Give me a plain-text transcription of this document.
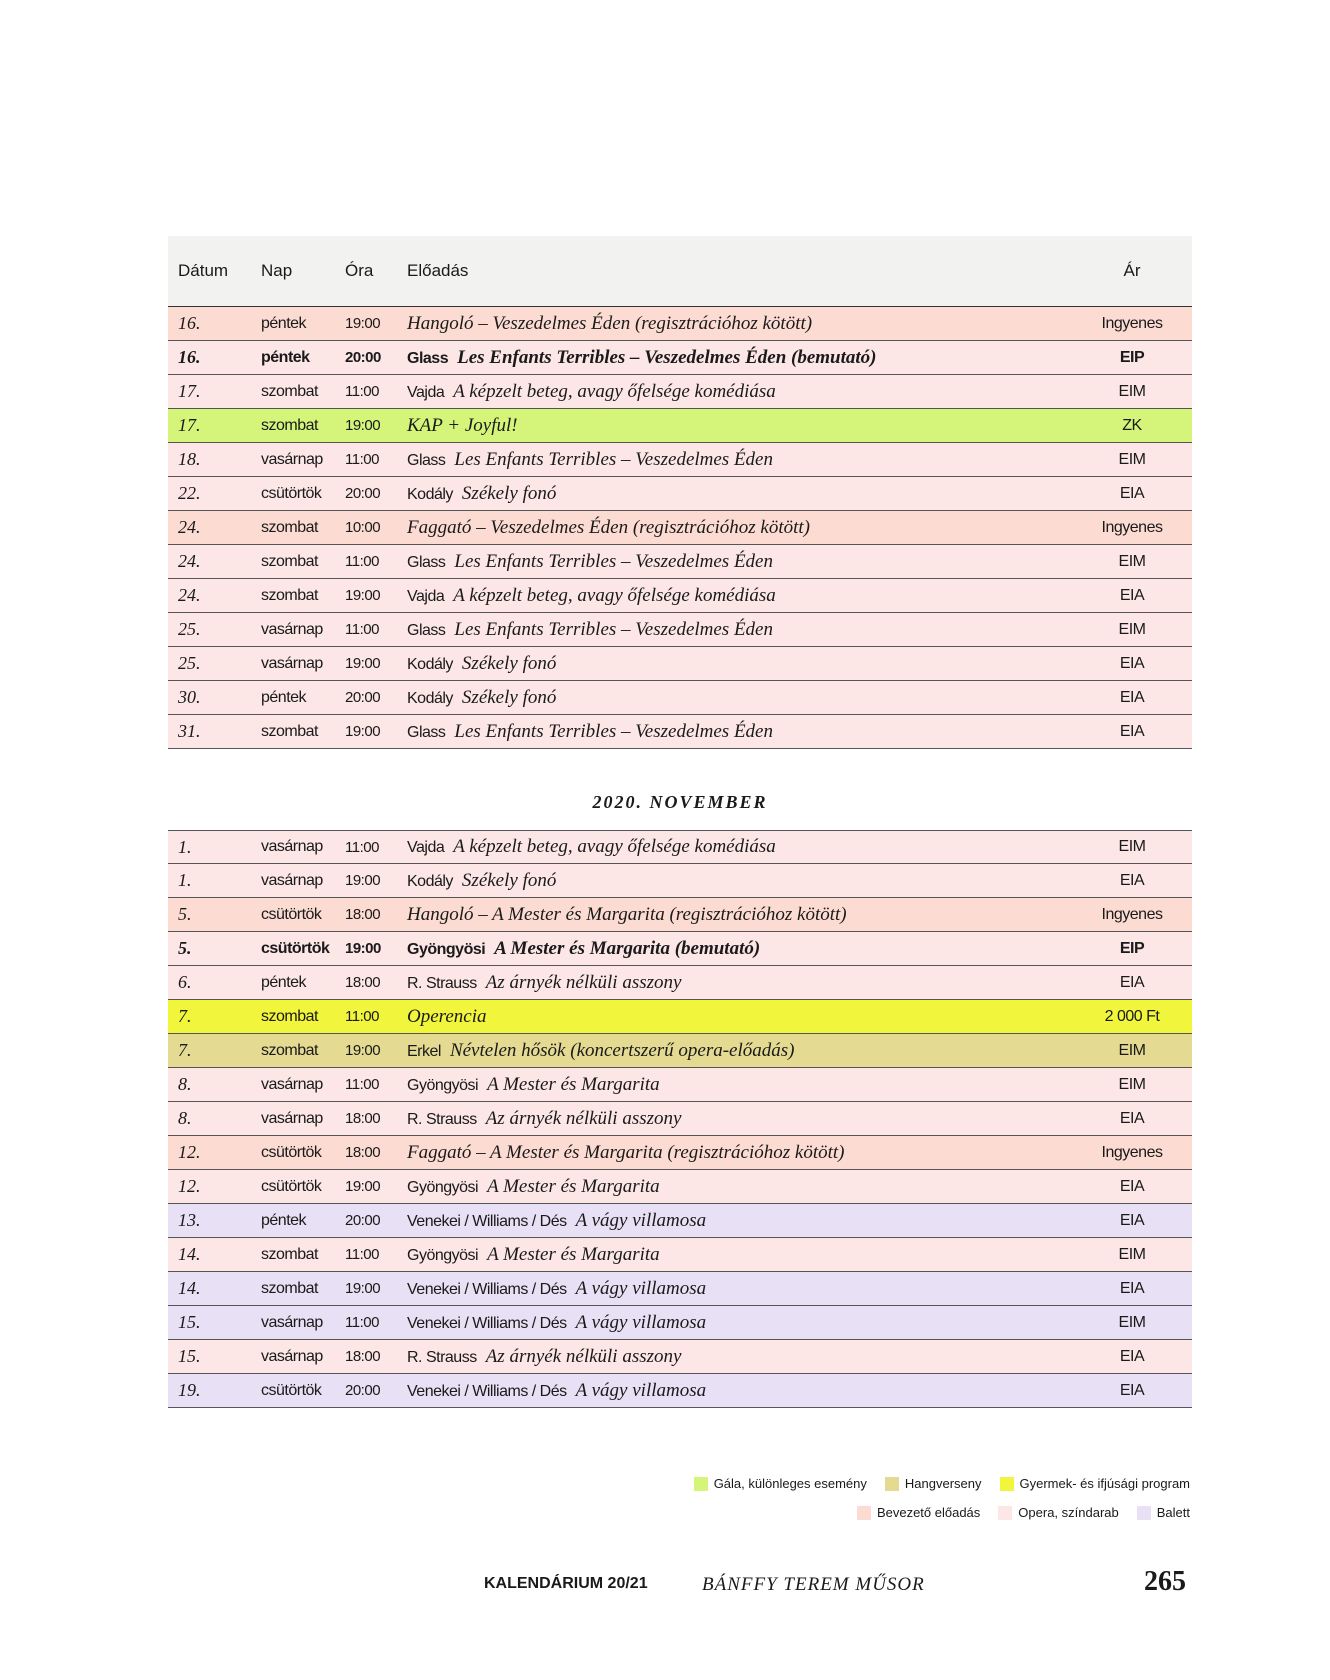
Dátum	Nap	Óra	Előadás	Ár
16.	péntek	19:00	Hangoló – Veszedelmes Éden (regisztrációhoz kötött)	Ingyenes
16.	péntek	20:00	Glass Les Enfants Terribles – Veszedelmes Éden (bemutató)	EIP
17.	szombat	11:00	Vajda A képzelt beteg, avagy őfelsége komédiása	EIM
17.	szombat	19:00	KAP + Joyful!	ZK
18.	vasárnap	11:00	Glass Les Enfants Terribles – Veszedelmes Éden	EIM
22.	csütörtök	20:00	Kodály Székely fonó	EIA
24.	szombat	10:00	Faggató – Veszedelmes Éden (regisztrációhoz kötött)	Ingyenes
24.	szombat	11:00	Glass Les Enfants Terribles – Veszedelmes Éden	EIM
24.	szombat	19:00	Vajda A képzelt beteg, avagy őfelsége komédiása	EIA
25.	vasárnap	11:00	Glass Les Enfants Terribles – Veszedelmes Éden	EIM
25.	vasárnap	19:00	Kodály Székely fonó	EIA
30.	péntek	20:00	Kodály Székely fonó	EIA
31.	szombat	19:00	Glass Les Enfants Terribles – Veszedelmes Éden	EIA
2020. NOVEMBER
1.	vasárnap	11:00	Vajda A képzelt beteg, avagy őfelsége komédiása	EIM
1.	vasárnap	19:00	Kodály Székely fonó	EIA
5.	csütörtök	18:00	Hangoló – A Mester és Margarita (regisztrációhoz kötött)	Ingyenes
5.	csütörtök	19:00	Gyöngyösi A Mester és Margarita (bemutató)	EIP
6.	péntek	18:00	R. Strauss Az árnyék nélküli asszony	EIA
7.	szombat	11:00	Operencia	2 000 Ft
7.	szombat	19:00	Erkel Névtelen hősök (koncertszerű opera-előadás)	EIM
8.	vasárnap	11:00	Gyöngyösi A Mester és Margarita	EIM
8.	vasárnap	18:00	R. Strauss Az árnyék nélküli asszony	EIA
12.	csütörtök	18:00	Faggató – A Mester és Margarita (regisztrációhoz kötött)	Ingyenes
12.	csütörtök	19:00	Gyöngyösi A Mester és Margarita	EIA
13.	péntek	20:00	Venekei / Williams / Dés A vágy villamosa	EIA
14.	szombat	11:00	Gyöngyösi A Mester és Margarita	EIM
14.	szombat	19:00	Venekei / Williams / Dés A vágy villamosa	EIA
15.	vasárnap	11:00	Venekei / Williams / Dés A vágy villamosa	EIM
15.	vasárnap	18:00	R. Strauss Az árnyék nélküli asszony	EIA
19.	csütörtök	20:00	Venekei / Williams / Dés A vágy villamosa	EIA
Gála, különleges esemény	Hangverseny	Gyermek- és ifjúsági program
Bevezető előadás	Opera, színdarab	Balett
KALENDÁRIUM 20/21	BÁNFFY TEREM MŰSOR	265
